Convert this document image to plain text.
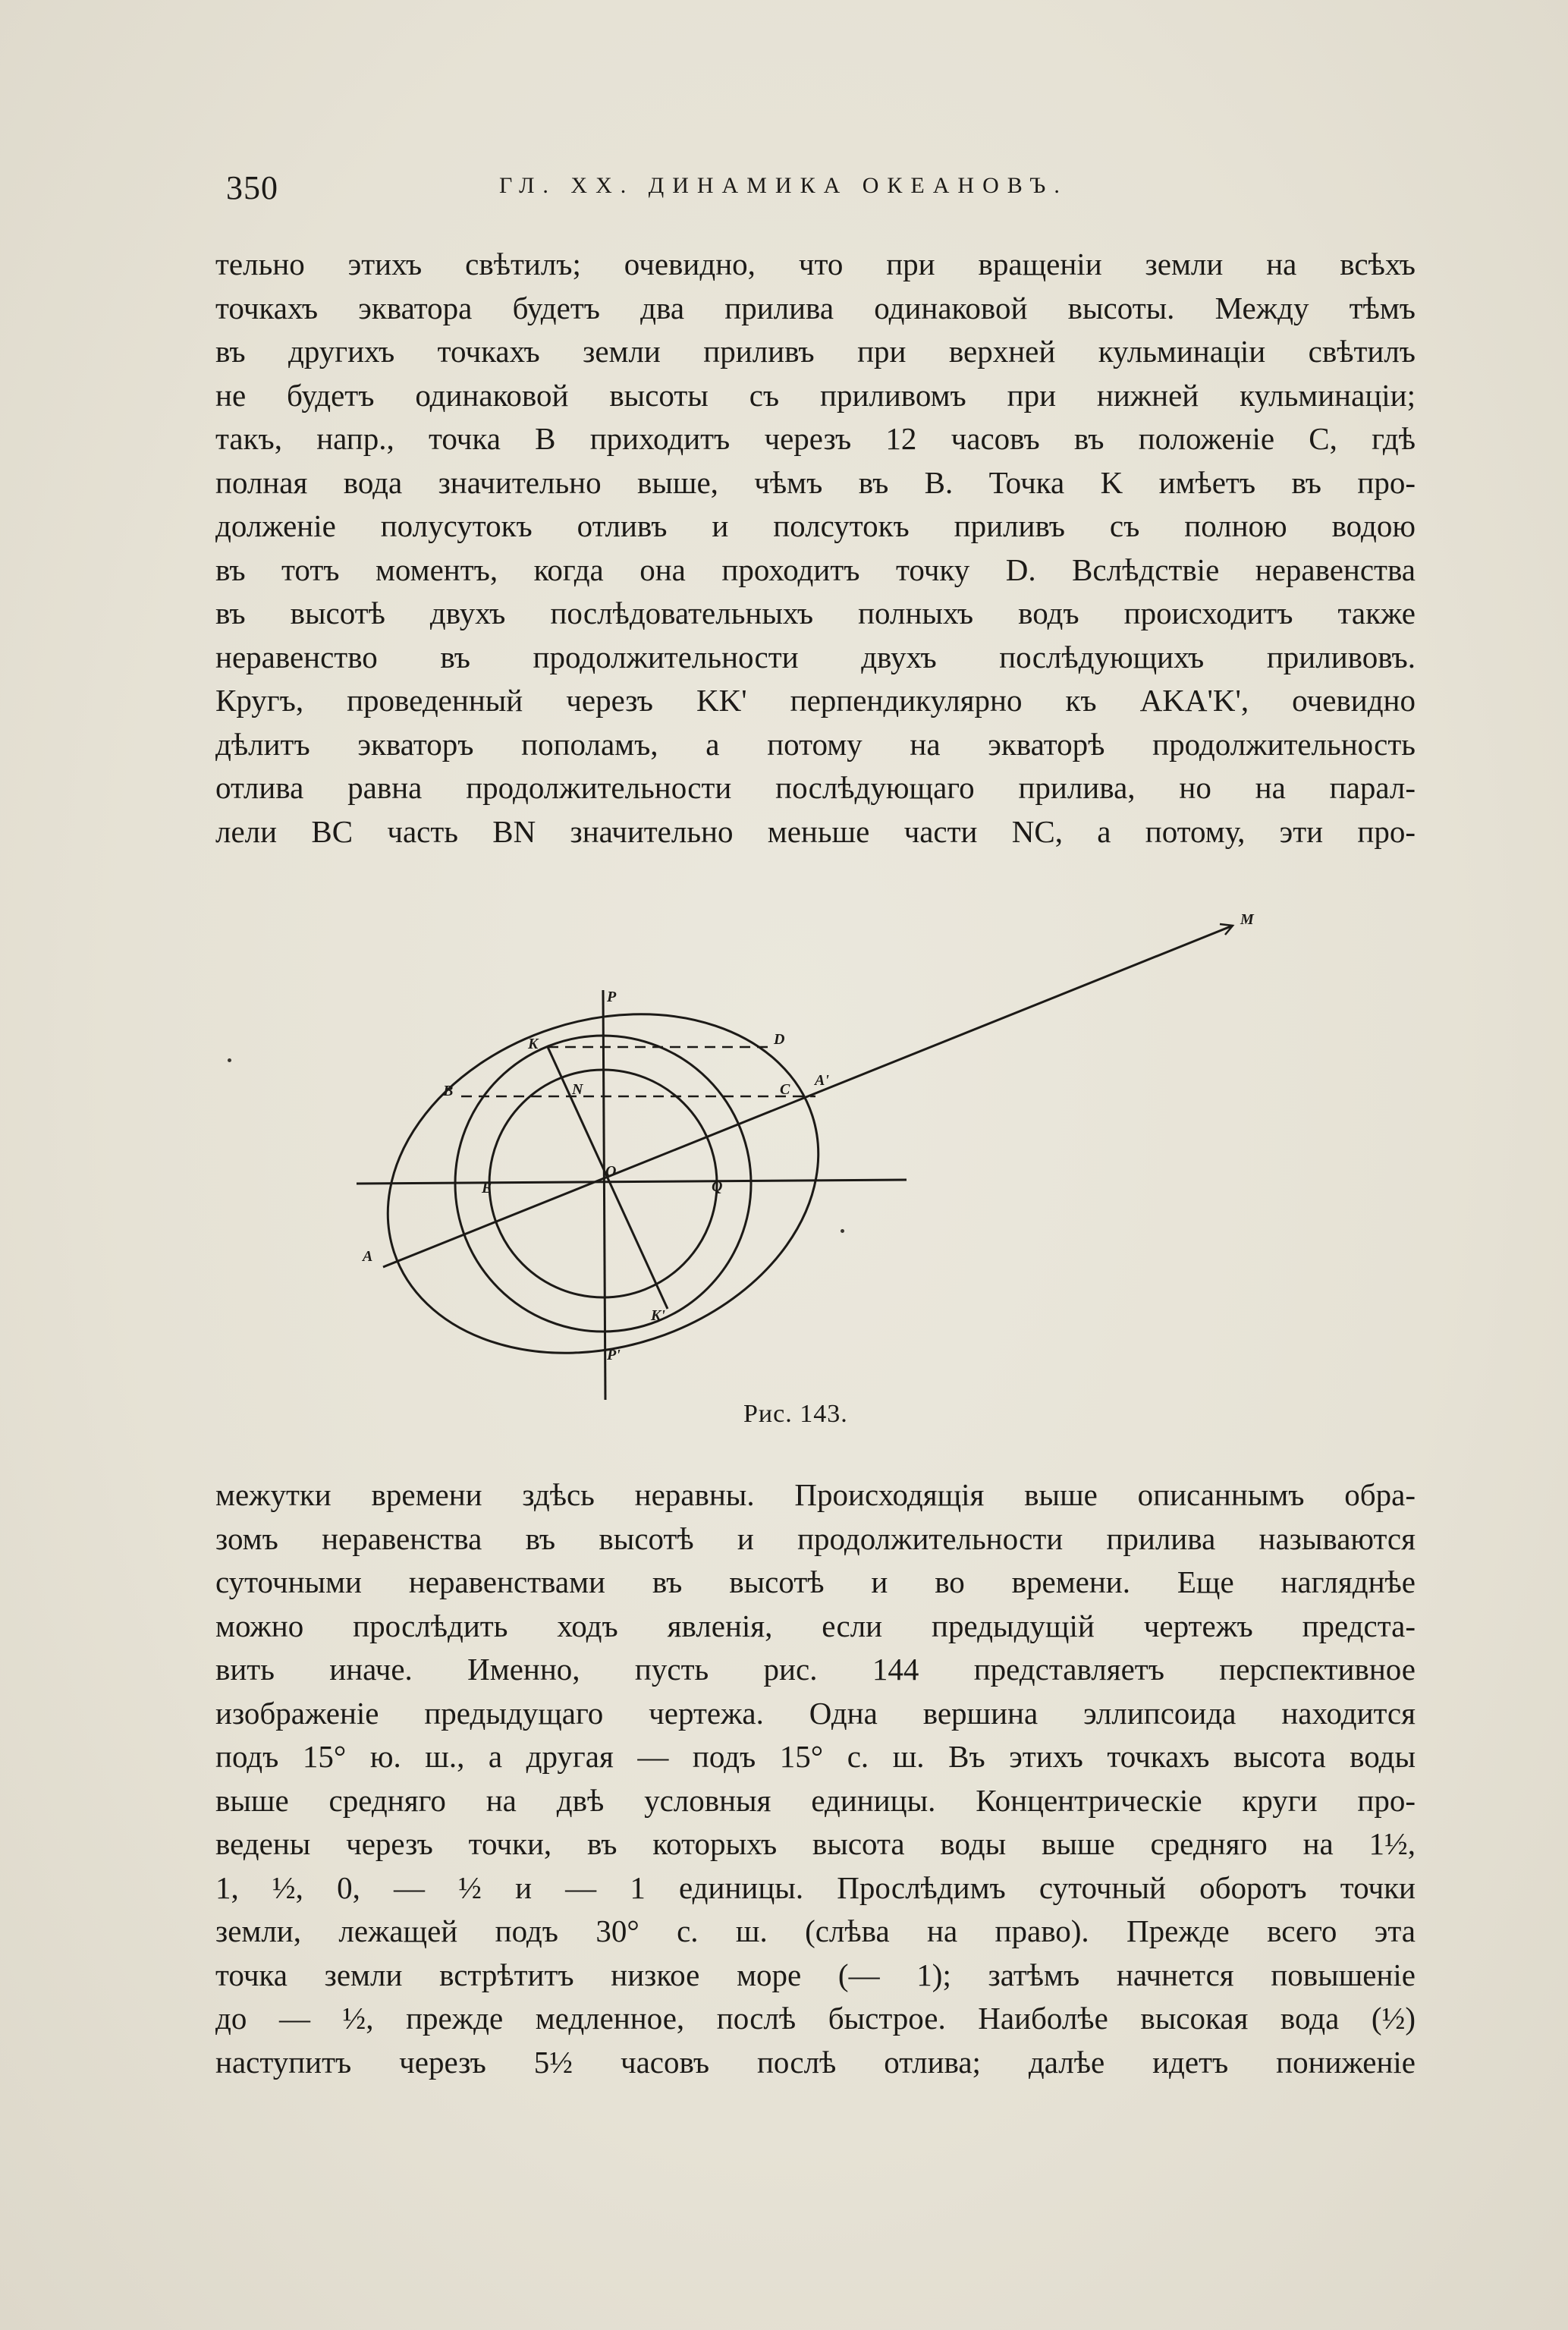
350	ГЛ. XX. ДИНАМИКА ОКЕАНОВЪ.
тельно этихъ свѣтилъ; очевидно, что при вращеніи земли на всѣхъ
точкахъ экватора будетъ два прилива одинаковой высоты. Между тѣмъ
въ другихъ точкахъ земли приливъ при верхней кульминаціи свѣтилъ
не будетъ одинаковой высоты съ приливомъ при нижней кульминаціи;
такъ, напр., точка B приходитъ черезъ 12 часовъ въ положеніе C, гдѣ
полная вода значительно выше, чѣмъ въ B. Точка K имѣетъ въ про-
долженіе полусутокъ отливъ и полсутокъ приливъ съ полною водою
въ тотъ моментъ, когда она проходитъ точку D. Вслѣдствіе неравенства
въ высотѣ двухъ послѣдовательныхъ полныхъ водъ происходитъ также
неравенство въ продолжительности двухъ послѣдующихъ приливовъ.
Кругъ, проведенный черезъ KK' перпендикулярно къ AKA'K', очевидно
дѣлитъ экваторъ пополамъ, а потому на экваторѣ продолжительность
отлива равна продолжительности послѣдующаго прилива, но на парал-
лели BC часть BN значительно меньше части NC, а потому, эти про-
M
P
D
K
B	N	C
A'
O
E	Q
A
K'
P'
Рис. 143.
межутки времени здѣсь неравны. Происходящія выше описаннымъ обра-
зомъ неравенства въ высотѣ и продолжительности прилива называются
суточными неравенствами въ высотѣ и во времени. Еще нагляднѣе
можно прослѣдить ходъ явленія, если предыдущій чертежъ предста-
вить иначе. Именно, пусть рис. 144 представляетъ перспективное
изображеніе предыдущаго чертежа. Одна вершина эллипсоида находится
подъ 15° ю. ш., а другая — подъ 15° с. ш. Въ этихъ точкахъ высота воды
выше средняго на двѣ условныя единицы. Концентрическіе круги про-
ведены черезъ точки, въ которыхъ высота воды выше средняго на 1½,
1, ½, 0, — ½ и — 1 единицы. Прослѣдимъ суточный оборотъ точки
земли, лежащей подъ 30° с. ш. (слѣва на право). Прежде всего эта
точка земли встрѣтитъ низкое море (— 1); затѣмъ начнется повышеніе
до — ½, прежде медленное, послѣ быстрое. Наиболѣе высокая вода (½)
наступитъ черезъ 5½ часовъ послѣ отлива; далѣе идетъ пониженіе
